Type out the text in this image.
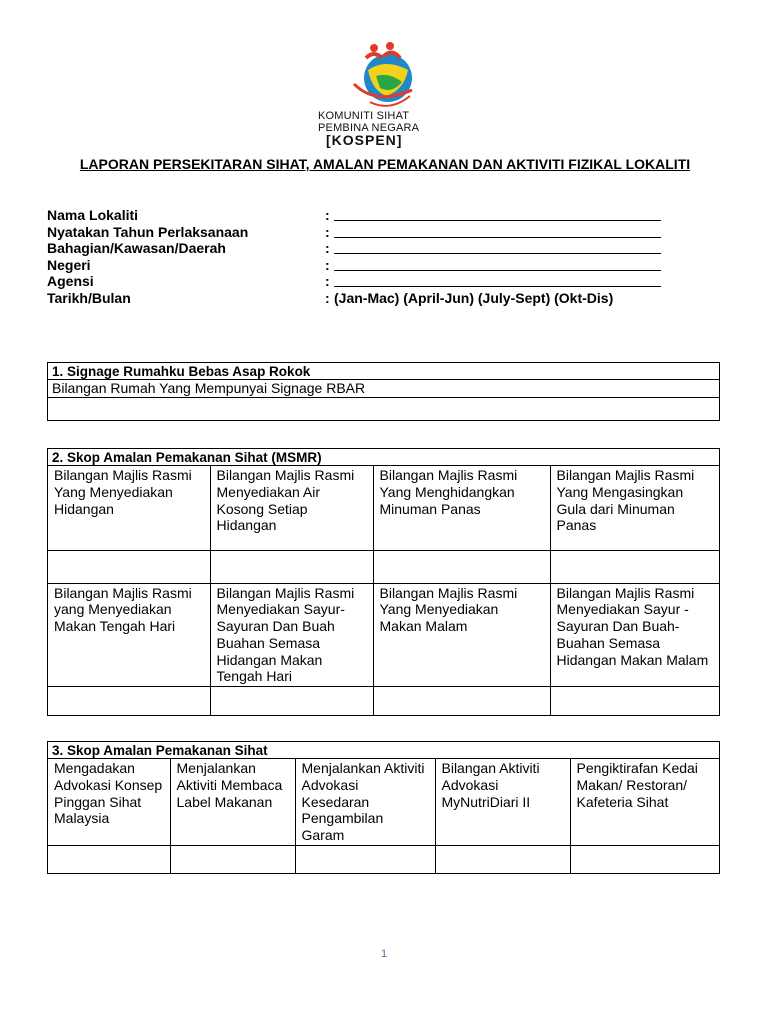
KOMUNITI SIHAT
PEMBINA NEGARA
[KOSPEN]
LAPORAN PERSEKITARAN SIHAT, AMALAN PEMAKANAN DAN AKTIVITI FIZIKAL LOKALITI
Nama Lokaliti	:
Nyatakan Tahun Perlaksanaan	:
Bahagian/Kawasan/Daerah	:
Negeri	:
Agensi	:
Tarikh/Bulan	: (Jan-Mac) (April-Jun) (July-Sept) (Okt-Dis)
1. Signage Rumahku Bebas Asap Rokok
Bilangan Rumah Yang Mempunyai Signage RBAR
2. Skop Amalan Pemakanan Sihat (MSMR)
Bilangan Majlis Rasmi Yang Menyediakan Hidangan	Bilangan Majlis Rasmi Menyediakan Air Kosong Setiap Hidangan	Bilangan Majlis Rasmi Yang Menghidangkan Minuman Panas	Bilangan Majlis Rasmi Yang Mengasingkan Gula dari Minuman Panas

Bilangan Majlis Rasmi yang Menyediakan Makan Tengah Hari	Bilangan Majlis Rasmi Menyediakan Sayur-Sayuran Dan Buah Buahan Semasa Hidangan Makan Tengah Hari	Bilangan Majlis Rasmi Yang Menyediakan Makan Malam	Bilangan Majlis Rasmi Menyediakan Sayur - Sayuran Dan Buah-Buahan Semasa Hidangan Makan Malam

3. Skop Amalan Pemakanan Sihat
Mengadakan Advokasi Konsep Pinggan Sihat Malaysia	Menjalankan Aktiviti Membaca Label Makanan	Menjalankan Aktiviti Advokasi Kesedaran Pengambilan Garam	Bilangan Aktiviti Advokasi MyNutriDiari II	Pengiktirafan Kedai Makan/ Restoran/ Kafeteria Sihat

1
